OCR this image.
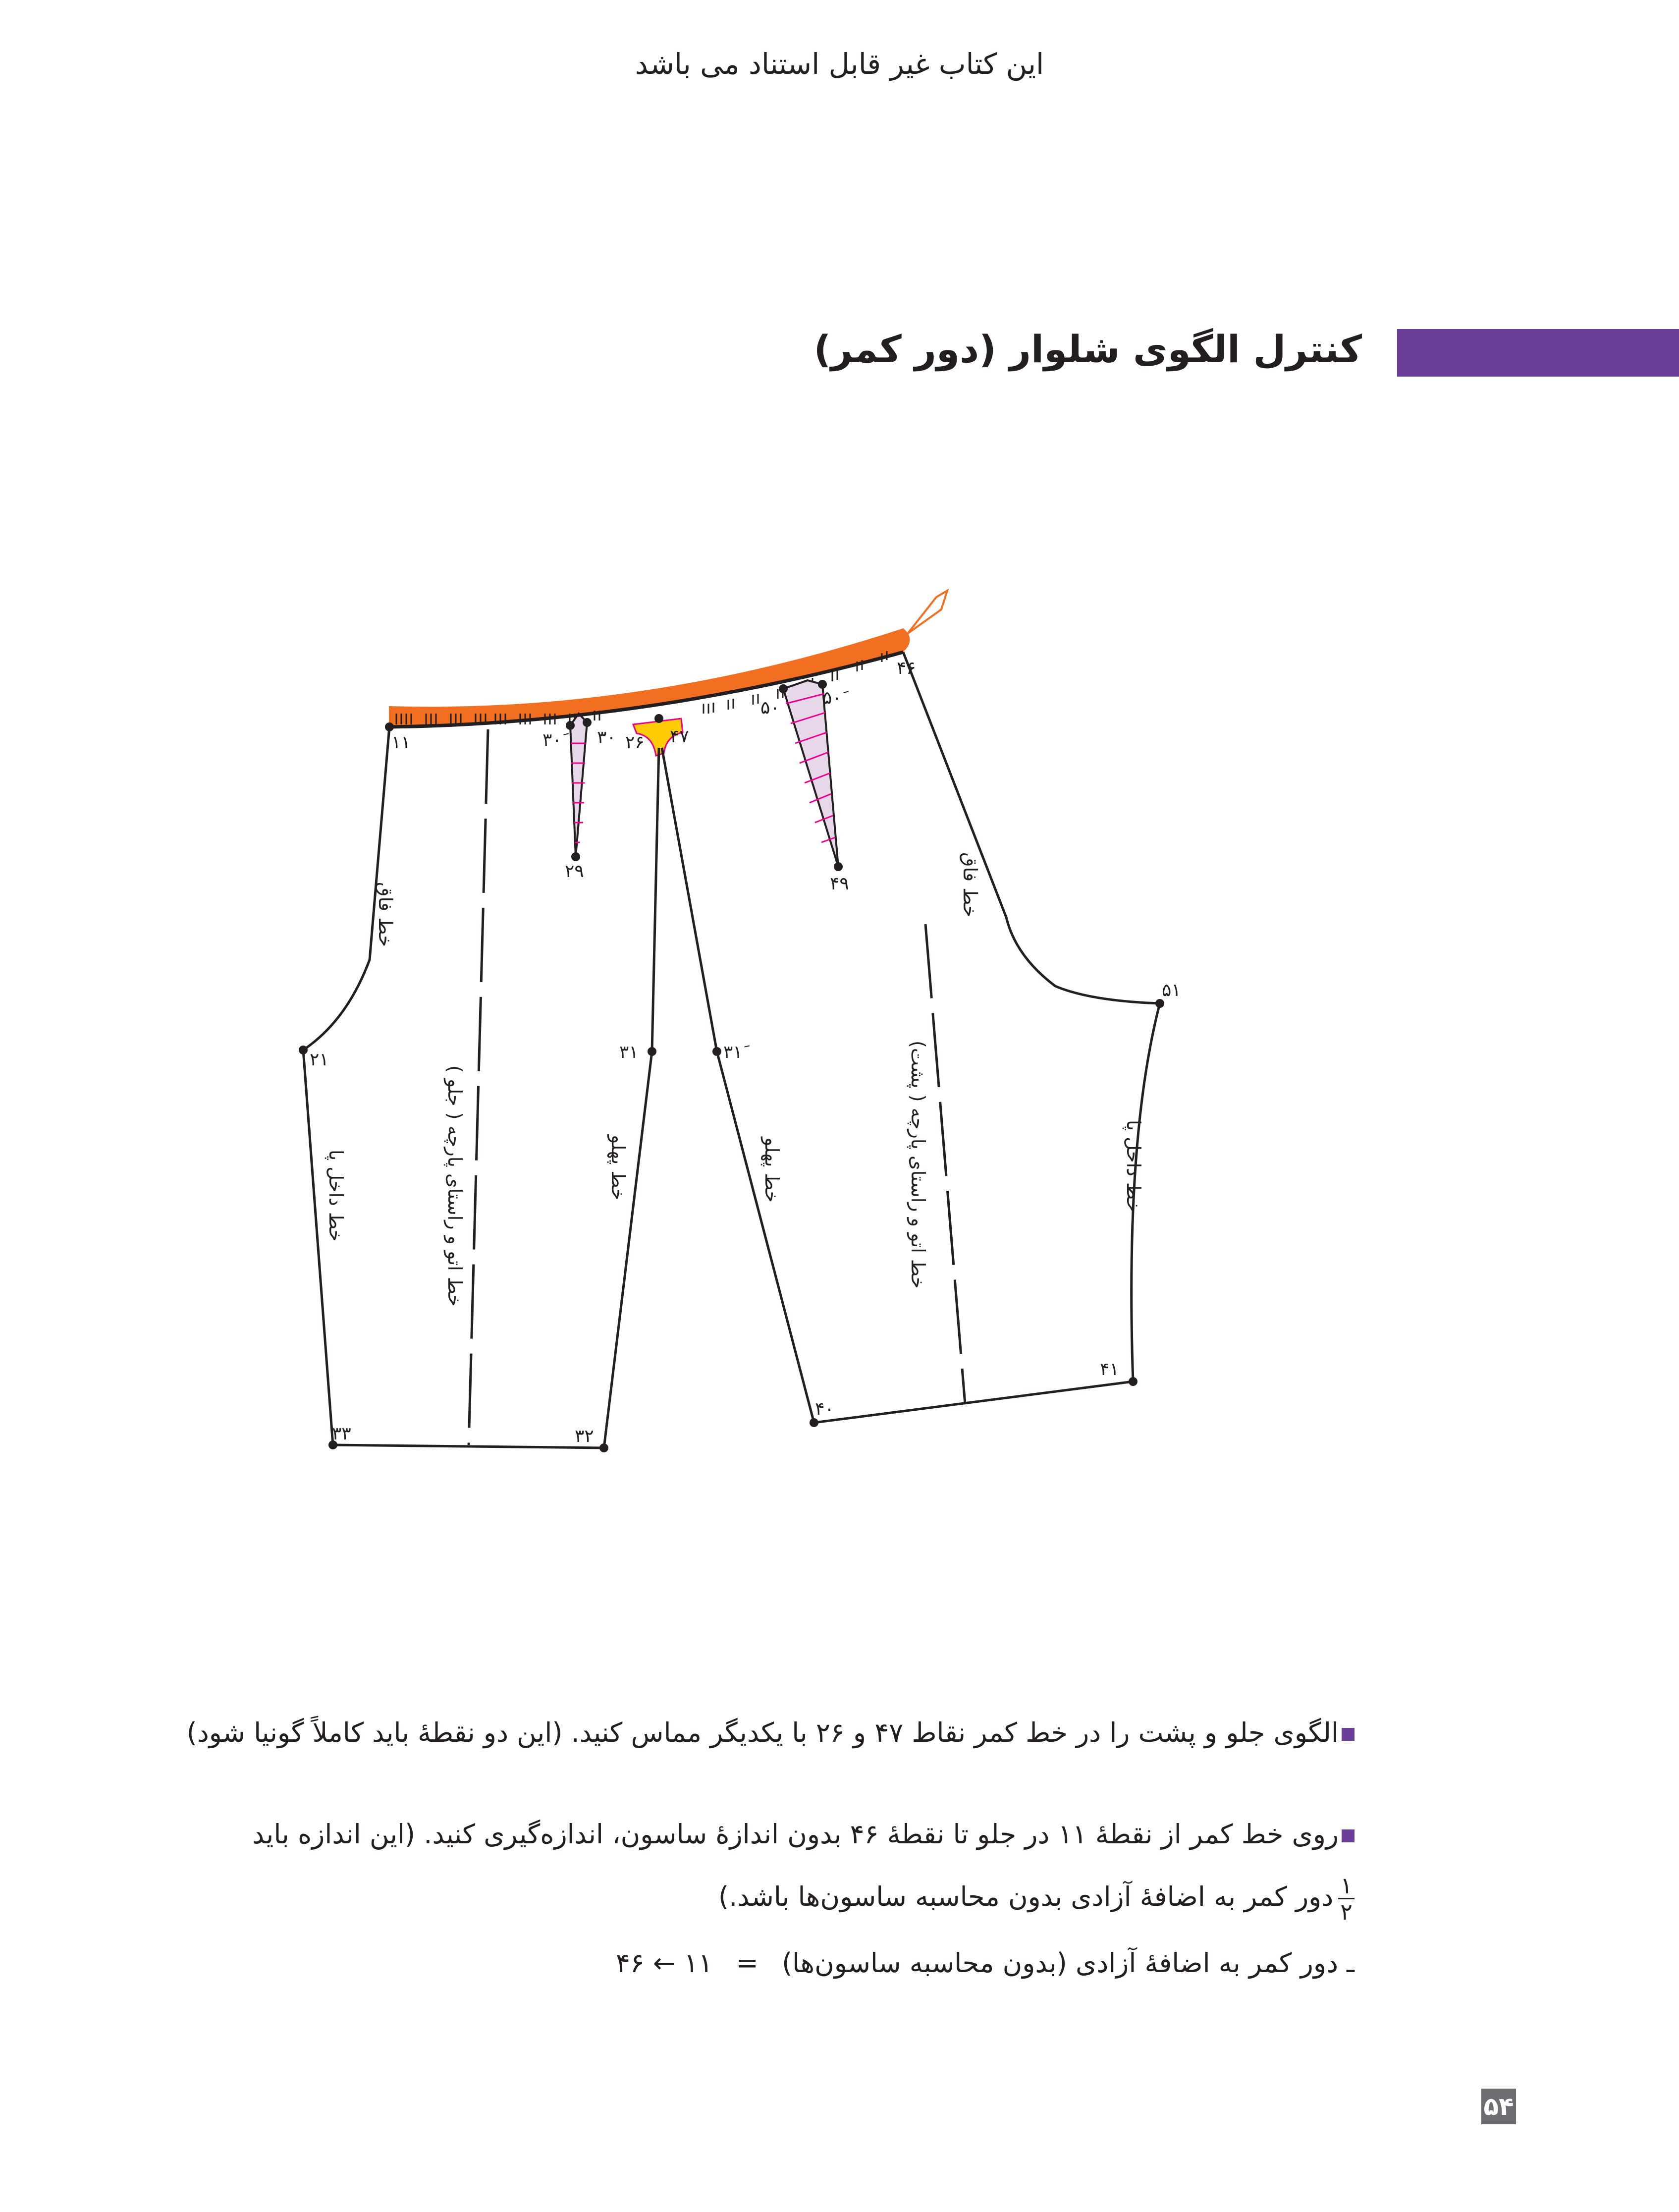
این کتاب غیر قابل استناد می باشد
کنترل الگوی شلوار (دور کمر)
۱۱
۲۱
۳۳	۳۲
۳۱	۳۱َ
۳۰َ	۳۰
۲۹
۲۶ ۴۷
۵۰ ۵۰َ
۴۹
۴۶
۵۱
۴۱
۴۰
خط فاق	خط فاق
خط داخل پا	خط داخل پا
خط پهلو	خط پهلو
خط اتو و راستای پارچه ( جلو )	خط اتو و راستای پارچه ( پشت)
الگوی جلو و پشت را در خط کمر نقاط ۴۷ و ۲۶ با یکدیگر مماس کنید. (این دو نقطهٔ باید کاملاً گونیا شود)
روی خط کمر از نقطهٔ ۱۱ در جلو تا نقطهٔ ۴۶ بدون اندازهٔ ساسون، اندازه‌گیری کنید. (این اندازه باید
$\frac{۱}{۲}$
دور کمر به اضافهٔ آزادی بدون محاسبه ساسون‌ها باشد.)
ـ دور کمر به اضافهٔ آزادی (بدون محاسبه ساسون‌ها) = ۱۱ ← ۴۶
۵۴
